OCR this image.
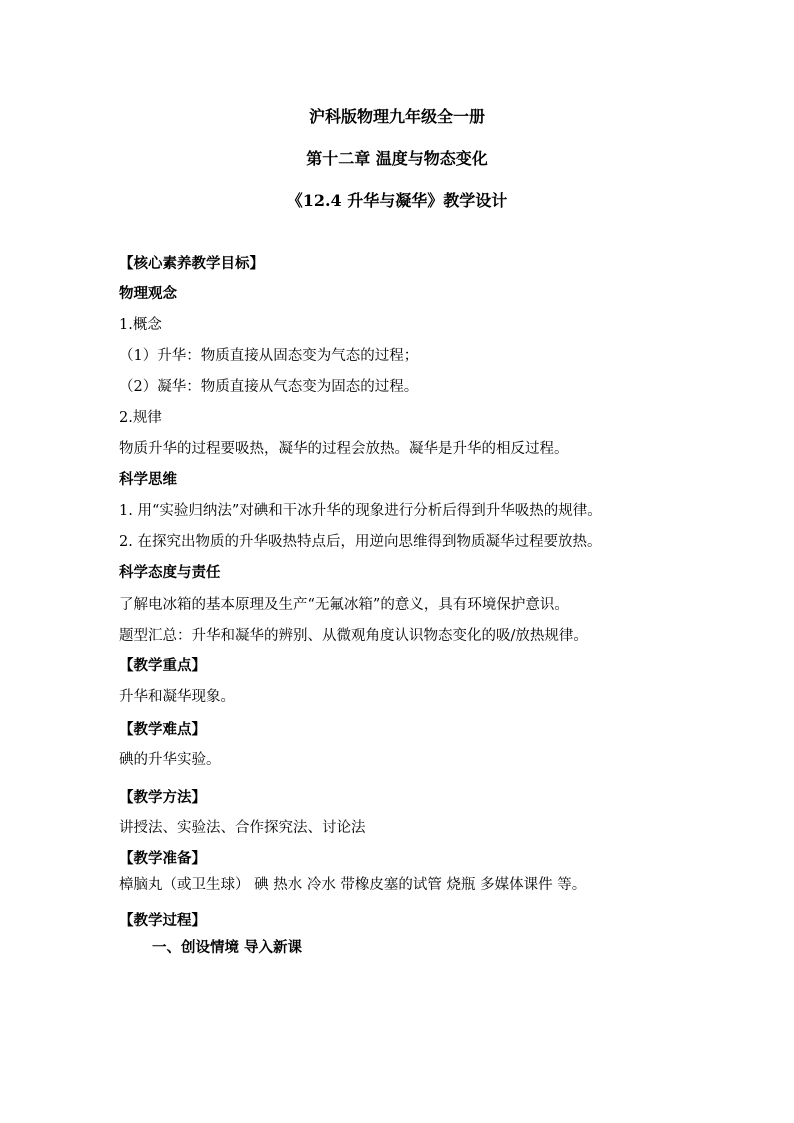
沪科版物理九年级全一册
第十二章 温度与物态变化
《12.4 升华与凝华》教学设计
【核心素养教学目标】
物理观念
1.概念
（1）升华：物质直接从固态变为气态的过程；
（2）凝华：物质直接从气态变为固态的过程。
2.规律
物质升华的过程要吸热，凝华的过程会放热。凝华是升华的相反过程。
科学思维
1. 用“实验归纳法”对碘和干冰升华的现象进行分析后得到升华吸热的规律。
2. 在探究出物质的升华吸热特点后，用逆向思维得到物质凝华过程要放热。
科学态度与责任
了解电冰箱的基本原理及生产“无氟冰箱”的意义，具有环境保护意识。
题型汇总：升华和凝华的辨别、从微观角度认识物态变化的吸/放热规律。
【教学重点】
升华和凝华现象。
【教学难点】
碘的升华实验。
【教学方法】
讲授法、实验法、合作探究法、讨论法
【教学准备】
樟脑丸（或卫生球） 碘 热水 冷水 带橡皮塞的试管 烧瓶 多媒体课件 等。
【教学过程】
一、创设情境 导入新课
